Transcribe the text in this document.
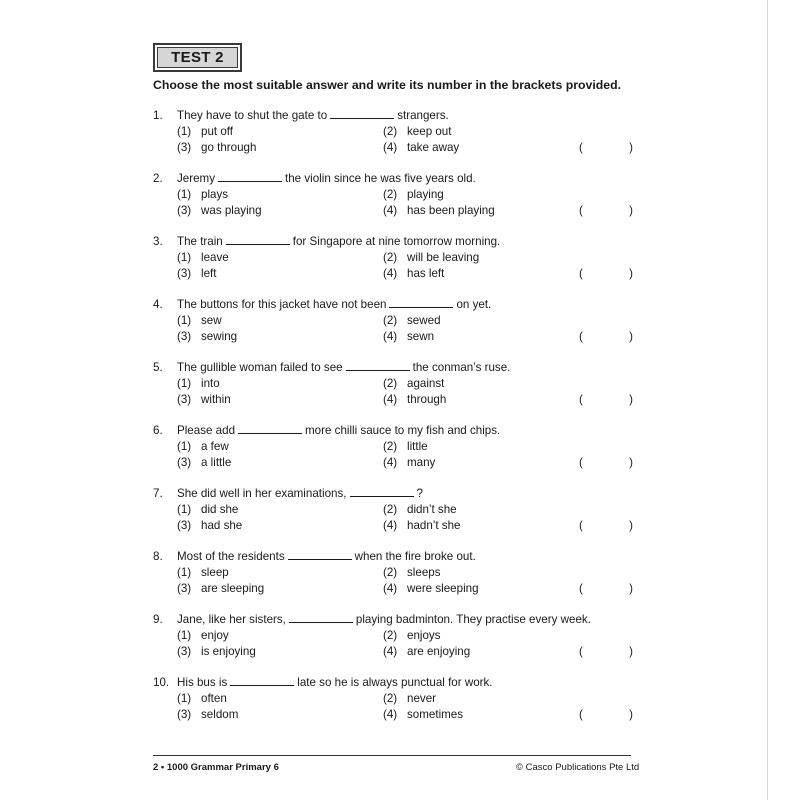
TEST 2
Choose the most suitable answer and write its number in the brackets provided.
1. They have to shut the gate to	strangers.
(1) put off	(2) keep out
(3) go through	(4) take away	(	)
2. Jeremy	the violin since he was five years old.
(1) plays	(2) playing
(3) was playing	(4) has been playing	(	)
3. The train	for Singapore at nine tomorrow morning.
(1) leave	(2) will be leaving
(3) left	(4) has left	(	)
4. The buttons for this jacket have not been	on yet.
(1) sew	(2) sewed
(3) sewing	(4) sewn	(	)
5. The gullible woman failed to see	the conman’s ruse.
(1) into	(2) against
(3) within	(4) through	(	)
6. Please add	more chilli sauce to my fish and chips.
(1) a few	(2) little
(3) a little	(4) many	(	)
7. She did well in her examinations,	?
(1) did she	(2) didn’t she
(3) had she	(4) hadn’t she	(	)
8. Most of the residents	when the fire broke out.
(1) sleep	(2) sleeps
(3) are sleeping	(4) were sleeping	(	)
9. Jane, like her sisters,	playing badminton. They practise every week.
(1) enjoy	(2) enjoys
(3) is enjoying	(4) are enjoying	(	)
10. His bus is	late so he is always punctual for work.
(1) often	(2) never
(3) seldom	(4) sometimes	(	)
2 • 1000 Grammar Primary 6	© Casco Publications Pte Ltd
